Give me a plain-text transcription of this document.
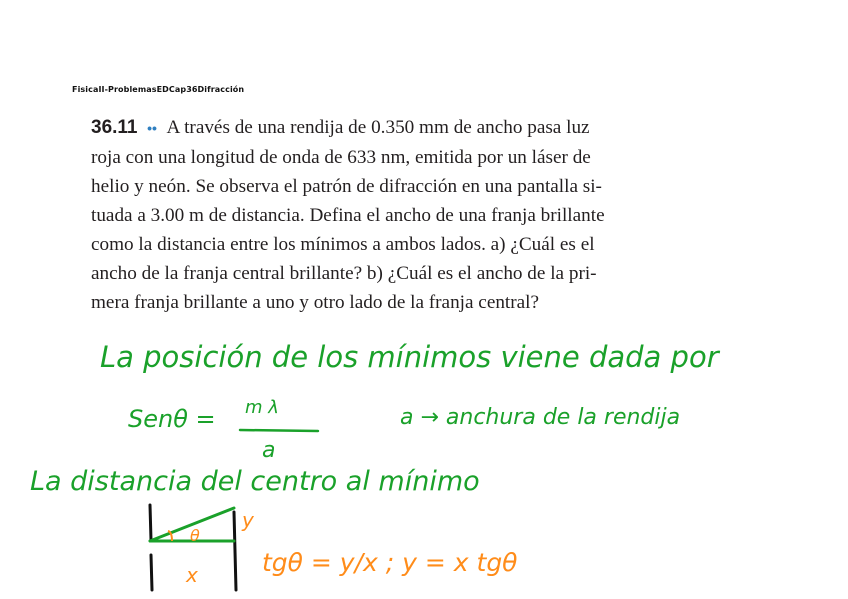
FisicaII-ProblemasEDCap36Difracción
36.11 •• A través de una rendija de 0.350 mm de ancho pasa luz
roja con una longitud de onda de 633 nm, emitida por un láser de
helio y neón. Se observa el patrón de difracción en una pantalla si-
tuada a 3.00 m de distancia. Defina el ancho de una franja brillante
como la distancia entre los mínimos a ambos lados. a) ¿Cuál es el
ancho de la franja central brillante? b) ¿Cuál es el ancho de la pri-
mera franja brillante a uno y otro lado de la franja central?
La posición de los mínimos viene dada por
Senθ = m λ
a
a → anchura de la rendija
La distancia del centro al mínimo
θ
y
x	tgθ = y/x ; y = x tgθ
